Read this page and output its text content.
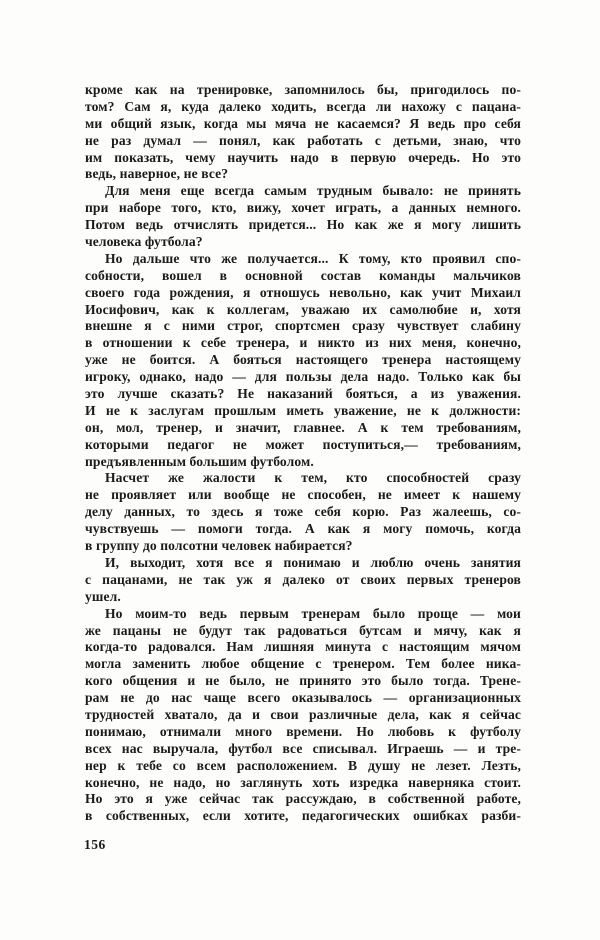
кроме как на тренировке, запомнилось бы, пригодилось по-
том? Сам я, куда далеко ходить, всегда ли нахожу с пацана-
ми общий язык, когда мы мяча не касаемся? Я ведь про себя
не раз думал — понял, как работать с детьми, знаю, что
им показать, чему научить надо в первую очередь. Но это
ведь, наверное, не все?
Для меня еще всегда самым трудным бывало: не принять
при наборе того, кто, вижу, хочет играть, а данных немного.
Потом ведь отчислять придется... Но как же я могу лишить
человека футбола?
Но дальше что же получается... К тому, кто проявил спо-
собности, вошел в основной состав команды мальчиков
своего года рождения, я отношусь невольно, как учит Михаил
Иосифович, как к коллегам, уважаю их самолюбие и, хотя
внешне я с ними строг, спортсмен сразу чувствует слабину
в отношении к себе тренера, и никто из них меня, конечно,
уже не боится. А бояться настоящего тренера настоящему
игроку, однако, надо — для пользы дела надо. Только как бы
это лучше сказать? Не наказаний бояться, а из уважения.
И не к заслугам прошлым иметь уважение, не к должности:
он, мол, тренер, и значит, главнее. А к тем требованиям,
которыми педагог не может поступиться,— требованиям,
предъявленным большим футболом.
Насчет же жалости к тем, кто способностей сразу
не проявляет или вообще не способен, не имеет к нашему
делу данных, то здесь я тоже себя корю. Раз жалеешь, со-
чувствуешь — помоги тогда. А как я могу помочь, когда
в группу до полсотни человек набирается?
И, выходит, хотя все я понимаю и люблю очень занятия
с пацанами, не так уж я далеко от своих первых тренеров
ушел.
Но моим-то ведь первым тренерам было проще — мои
же пацаны не будут так радоваться бутсам и мячу, как я
когда-то радовался. Нам лишняя минута с настоящим мячом
могла заменить любое общение с тренером. Тем более ника-
кого общения и не было, не принято это было тогда. Трене-
рам не до нас чаще всего оказывалось — организационных
трудностей хватало, да и свои различные дела, как я сейчас
понимаю, отнимали много времени. Но любовь к футболу
всех нас выручала, футбол все списывал. Играешь — и тре-
нер к тебе со всем расположением. В душу не лезет. Лезть,
конечно, не надо, но заглянуть хоть изредка наверняка стоит.
Но это я уже сейчас так рассуждаю, в собственной работе,
в собственных, если хотите, педагогических ошибках разби-
156
